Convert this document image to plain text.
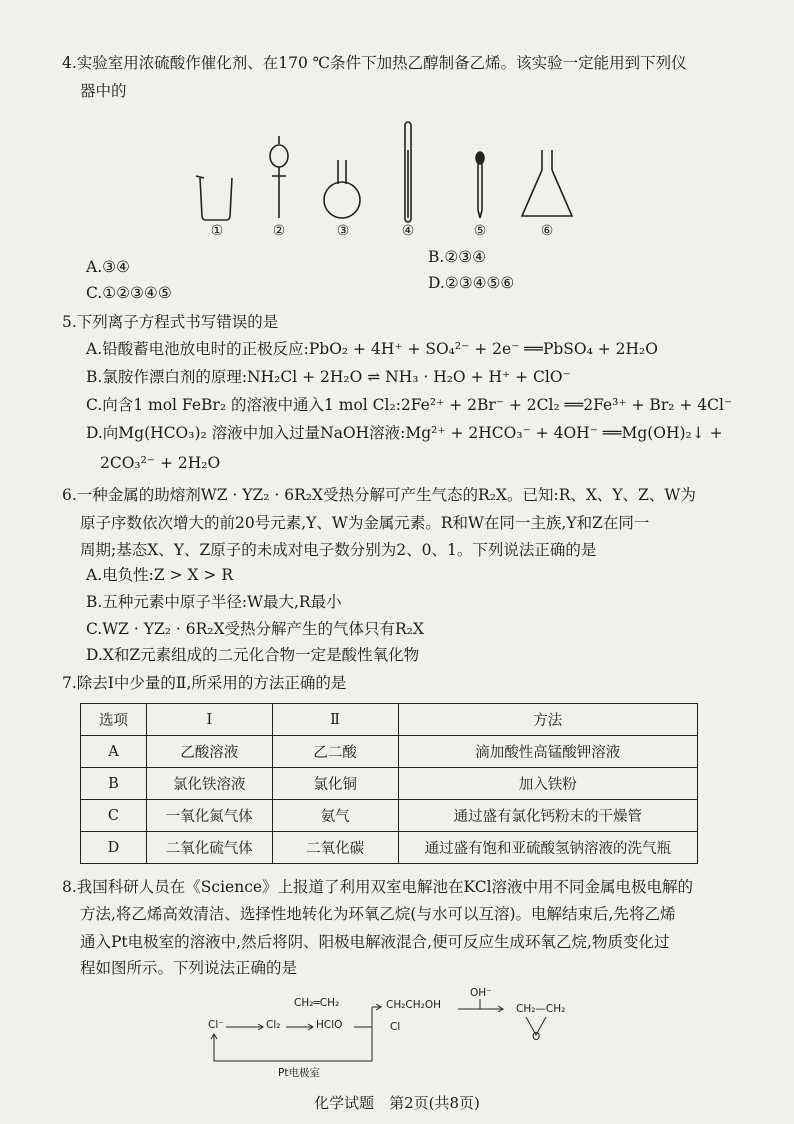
4.实验室用浓硫酸作催化剂、在170 ℃条件下加热乙醇制备乙烯。该实验一定能用到下列仪
器中的
①	②	③	④	⑤	⑥
B.②③④
A.③④
D.②③④⑤⑥
C.①②③④⑤
5.下列离子方程式书写错误的是
A.铅酸蓄电池放电时的正极反应:PbO₂ + 4H⁺ + SO₄²⁻ + 2e⁻ ══PbSO₄ + 2H₂O
B.氯胺作漂白剂的原理:NH₂Cl + 2H₂O ⇌ NH₃ · H₂O + H⁺ + ClO⁻
C.向含1 mol FeBr₂ 的溶液中通入1 mol Cl₂:2Fe²⁺ + 2Br⁻ + 2Cl₂ ══2Fe³⁺ + Br₂ + 4Cl⁻
D.向Mg(HCO₃)₂ 溶液中加入过量NaOH溶液:Mg²⁺ + 2HCO₃⁻ + 4OH⁻ ══Mg(OH)₂↓ +
2CO₃²⁻ + 2H₂O
6.一种金属的助熔剂WZ · YZ₂ · 6R₂X受热分解可产生气态的R₂X。已知:R、X、Y、Z、W为
原子序数依次增大的前20号元素,Y、W为金属元素。R和W在同一主族,Y和Z在同一
周期;基态X、Y、Z原子的未成对电子数分别为2、0、1。下列说法正确的是
A.电负性:Z > X > R
B.五种元素中原子半径:W最大,R最小
C.WZ · YZ₂ · 6R₂X受热分解产生的气体只有R₂X
D.X和Z元素组成的二元化合物一定是酸性氧化物
7.除去Ⅰ中少量的Ⅱ,所采用的方法正确的是
选项	Ⅰ	Ⅱ	方法
A	乙酸溶液	乙二酸	滴加酸性高锰酸钾溶液
B	氯化铁溶液	氯化铜	加入铁粉
C	一氧化氮气体	氨气	通过盛有氯化钙粉末的干燥管
D	二氧化硫气体	二氧化碳	通过盛有饱和亚硫酸氢钠溶液的洗气瓶
8.我国科研人员在《Science》上报道了利用双室电解池在KCl溶液中用不同金属电极电解的
方法,将乙烯高效清洁、选择性地转化为环氧乙烷(与水可以互溶)。电解结束后,先将乙烯
通入Pt电极室的溶液中,然后将阴、阳极电解液混合,便可反应生成环氧乙烷,物质变化过
程如图所示。下列说法正确的是
Cl⁻	Cl₂	HClO
CH₂═CH₂	CH₂CH₂OH
Cl
OH⁻
CH₂—CH₂
O
Pt电极室
化学试题　第2页(共8页)
